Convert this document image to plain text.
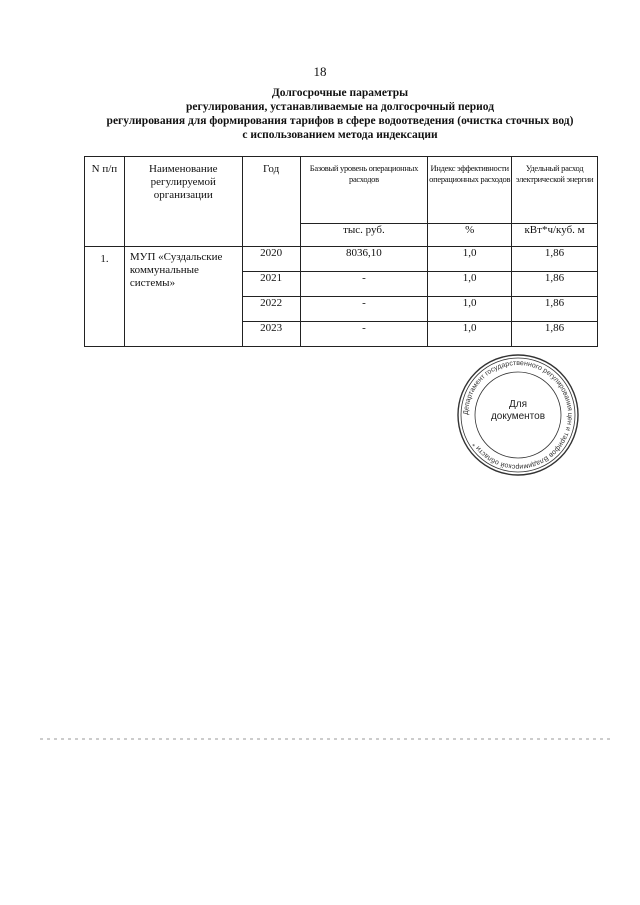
18
Долгосрочные параметры
регулирования, устанавливаемые на долгосрочный период
регулирования для формирования тарифов в сфере водоотведения (очистка сточных вод)
с использованием метода индексации
N п/п	Наименование регулируемой организации	Год	Базовый уровень операционных расходов	Индекс эффективности операционных расходов	Удельный расход электрической энергии
			тыс. руб.	%	кВт*ч/куб. м
1.	МУП «Суздальские коммунальные системы»	2020	8036,10	1,0	1,86
		2021	-	1,0	1,86
		2022	-	1,0	1,86
		2023	-	1,0	1,86
Департамент государственного регулирования цен и тарифов Владимирской области *
Для
документов
